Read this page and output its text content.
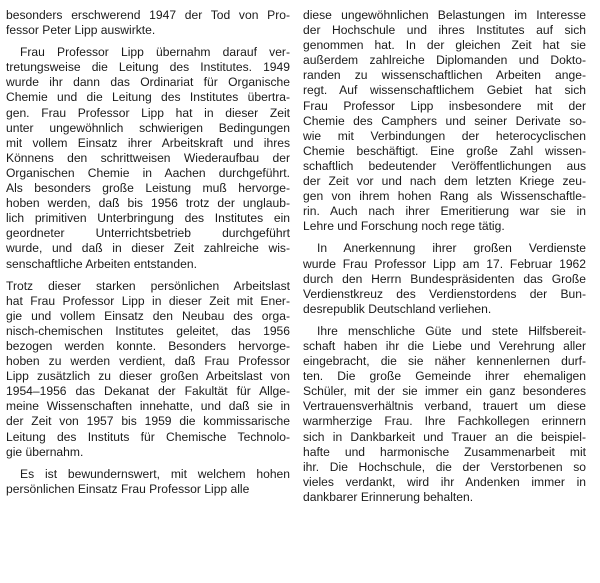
besonders erschwerend 1947 der Tod von Pro-
fessor Peter Lipp auswirkte.
Frau Professor Lipp übernahm darauf ver-
tretungsweise die Leitung des Institutes. 1949
wurde ihr dann das Ordinariat für Organische
Chemie und die Leitung des Institutes übertra-
gen. Frau Professor Lipp hat in dieser Zeit
unter ungewöhnlich schwierigen Bedingungen
mit vollem Einsatz ihrer Arbeitskraft und ihres
Könnens den schrittweisen Wiederaufbau der
Organischen Chemie in Aachen durchgeführt.
Als besonders große Leistung muß hervorge-
hoben werden, daß bis 1956 trotz der unglaub-
lich primitiven Unterbringung des Institutes ein
geordneter Unterrichtsbetrieb durchgeführt
wurde, und daß in dieser Zeit zahlreiche wis-
senschaftliche Arbeiten entstanden.
Trotz dieser starken persönlichen Arbeitslast
hat Frau Professor Lipp in dieser Zeit mit Ener-
gie und vollem Einsatz den Neubau des orga-
nisch-chemischen Institutes geleitet, das 1956
bezogen werden konnte. Besonders hervorge-
hoben zu werden verdient, daß Frau Professor
Lipp zusätzlich zu dieser großen Arbeitslast von
1954–1956 das Dekanat der Fakultät für Allge-
meine Wissenschaften innehatte, und daß sie in
der Zeit von 1957 bis 1959 die kommissarische
Leitung des Instituts für Chemische Technolo-
gie übernahm.
Es ist bewundernswert, mit welchem hohen
persönlichen Einsatz Frau Professor Lipp alle
diese ungewöhnlichen Belastungen im Interesse
der Hochschule und ihres Institutes auf sich
genommen hat. In der gleichen Zeit hat sie
außerdem zahlreiche Diplomanden und Dokto-
randen zu wissenschaftlichen Arbeiten ange-
regt. Auf wissenschaftlichem Gebiet hat sich
Frau Professor Lipp insbesondere mit der
Chemie des Camphers und seiner Derivate so-
wie mit Verbindungen der heterocyclischen
Chemie beschäftigt. Eine große Zahl wissen-
schaftlich bedeutender Veröffentlichungen aus
der Zeit vor und nach dem letzten Kriege zeu-
gen von ihrem hohen Rang als Wissenschaftle-
rin. Auch nach ihrer Emeritierung war sie in
Lehre und Forschung noch rege tätig.
In Anerkennung ihrer großen Verdienste
wurde Frau Professor Lipp am 17. Februar 1962
durch den Herrn Bundespräsidenten das Große
Verdienstkreuz des Verdienstordens der Bun-
desrepublik Deutschland verliehen.
Ihre menschliche Güte und stete Hilfsbereit-
schaft haben ihr die Liebe und Verehrung aller
eingebracht, die sie näher kennenlernen durf-
ten. Die große Gemeinde ihrer ehemaligen
Schüler, mit der sie immer ein ganz besonderes
Vertrauensverhältnis verband, trauert um diese
warmherzige Frau. Ihre Fachkollegen erinnern
sich in Dankbarkeit und Trauer an die beispiel-
hafte und harmonische Zusammenarbeit mit
ihr. Die Hochschule, die der Verstorbenen so
vieles verdankt, wird ihr Andenken immer in
dankbarer Erinnerung behalten.
